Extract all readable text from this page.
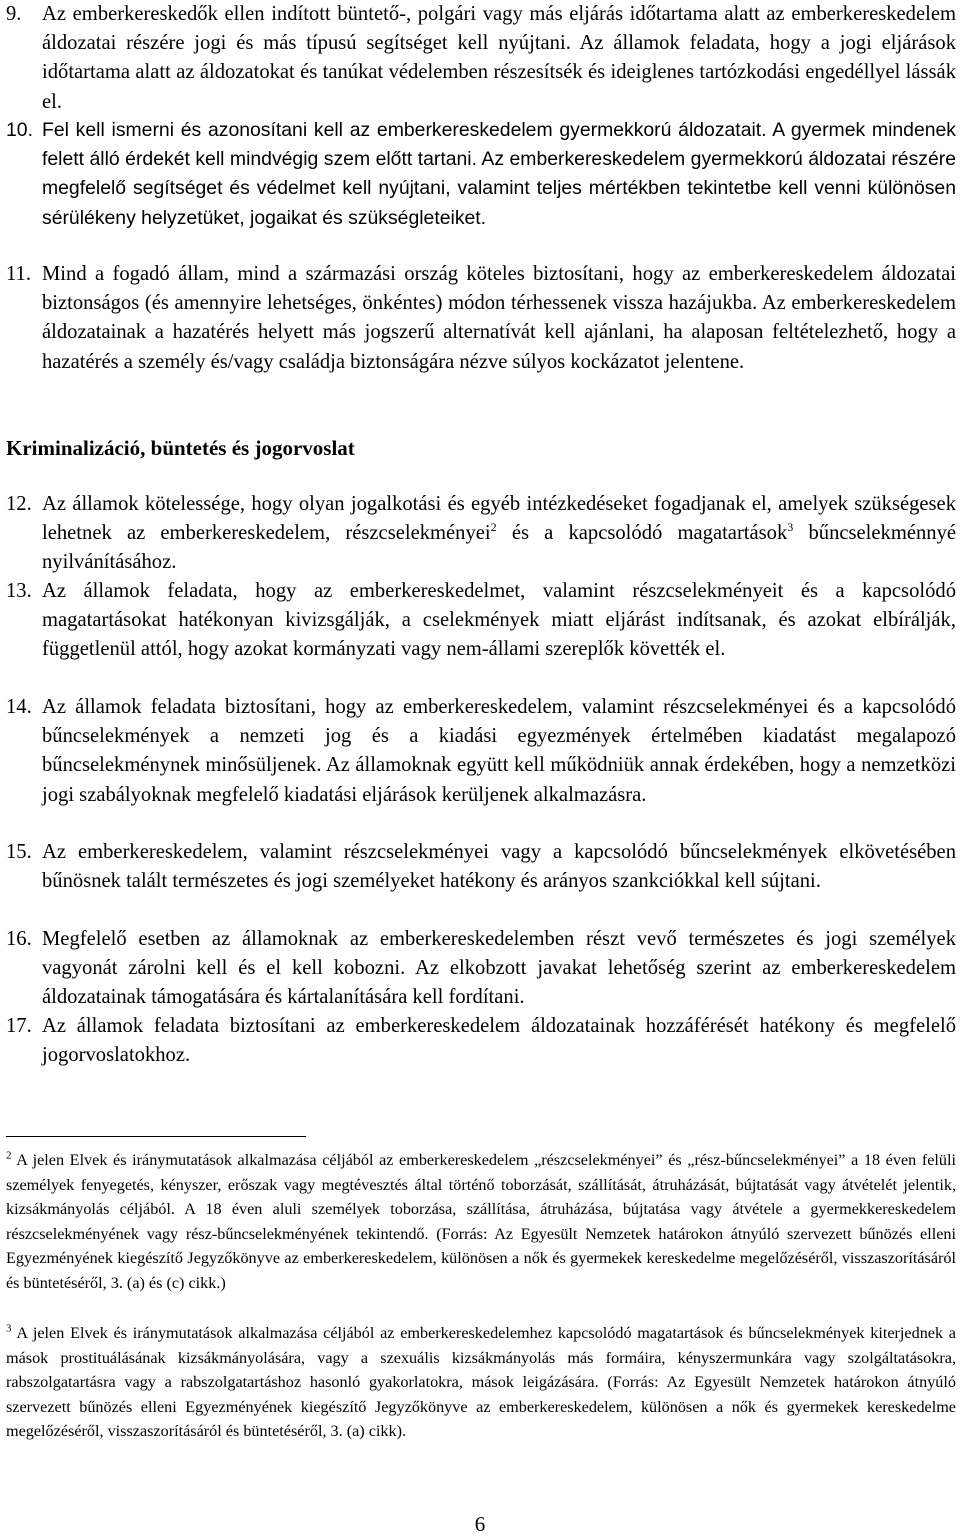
9. Az emberkereskedők ellen indított büntető-, polgári vagy más eljárás időtartama alatt az emberkereskedelem áldozatai részére jogi és más típusú segítséget kell nyújtani. Az államok feladata, hogy a jogi eljárások időtartama alatt az áldozatokat és tanúkat védelemben részesítsék és ideiglenes tartózkodási engedéllyel lássák el.
10. Fel kell ismerni és azonosítani kell az emberkereskedelem gyermekkorú áldozatait. A gyermek mindenek felett álló érdekét kell mindvégig szem előtt tartani. Az emberkereskedelem gyermekkorú áldozatai részére megfelelő segítséget és védelmet kell nyújtani, valamint teljes mértékben tekintetbe kell venni különösen sérülékeny helyzetüket, jogaikat és szükségleteiket.
11. Mind a fogadó állam, mind a származási ország köteles biztosítani, hogy az emberkereskedelem áldozatai biztonságos (és amennyire lehetséges, önkéntes) módon térhessenek vissza hazájukba. Az emberkereskedelem áldozatainak a hazatérés helyett más jogszerű alternatívát kell ajánlani, ha alaposan feltételezhető, hogy a hazatérés a személy és/vagy családja biztonságára nézve súlyos kockázatot jelentene.
Kriminalizáció, büntetés és jogorvoslat
12. Az államok kötelessége, hogy olyan jogalkotási és egyéb intézkedéseket fogadjanak el, amelyek szükségesek lehetnek az emberkereskedelem, részcselekményei$^2$ és a kapcsolódó magatartások$^3$ bűncselekménnyé nyilvánításához.
13. Az államok feladata, hogy az emberkereskedelmet, valamint részcselekményeit és a kapcsolódó magatartásokat hatékonyan kivizsgálják, a cselekmények miatt eljárást indítsanak, és azokat elbírálják, függetlenül attól, hogy azokat kormányzati vagy nem-állami szereplők követték el.
14. Az államok feladata biztosítani, hogy az emberkereskedelem, valamint részcselekményei és a kapcsolódó bűncselekmények a nemzeti jog és a kiadási egyezmények értelmében kiadatást megalapozó bűncselekménynek minősüljenek. Az államoknak együtt kell működniük annak érdekében, hogy a nemzetközi jogi szabályoknak megfelelő kiadatási eljárások kerüljenek alkalmazásra.
15. Az emberkereskedelem, valamint részcselekményei vagy a kapcsolódó bűncselekmények elkövetésében bűnösnek talált természetes és jogi személyeket hatékony és arányos szankciókkal kell sújtani.
16. Megfelelő esetben az államoknak az emberkereskedelemben részt vevő természetes és jogi személyek vagyonát zárolni kell és el kell kobozni. Az elkobzott javakat lehetőség szerint az emberkereskedelem áldozatainak támogatására és kártalanítására kell fordítani.
17. Az államok feladata biztosítani az emberkereskedelem áldozatainak hozzáférését hatékony és megfelelő jogorvoslatokhoz.

$^2$ A jelen Elvek és iránymutatások alkalmazása céljából az emberkereskedelem „részcselekményei” és „rész-bűncselekményei” a 18 éven felüli személyek fenyegetés, kényszer, erőszak vagy megtévesztés által történő toborzását, szállítását, átruházását, bújtatását vagy átvételét jelentik, kizsákmányolás céljából. A 18 éven aluli személyek toborzása, szállítása, átruházása, bújtatása vagy átvétele a gyermekkereskedelem részcselekményének vagy rész-bűncselekményének tekintendő. (Forrás: Az Egyesült Nemzetek határokon átnyúló szervezett bűnözés elleni Egyezményének kiegészítő Jegyzőkönyve az emberkereskedelem, különösen a nők és gyermekek kereskedelme megelőzéséről, visszaszorításáról és büntetéséről, 3. (a) és (c) cikk.)

$^3$ A jelen Elvek és iránymutatások alkalmazása céljából az emberkereskedelemhez kapcsolódó magatartások és bűncselekmények kiterjednek a mások prostituálásának kizsákmányolására, vagy a szexuális kizsákmányolás más formáira, kényszermunkára vagy szolgáltatásokra, rabszolgatartásra vagy a rabszolgatartáshoz hasonló gyakorlatokra, mások leigázására. (Forrás: Az Egyesült Nemzetek határokon átnyúló szervezett bűnözés elleni Egyezményének kiegészítő Jegyzőkönyve az emberkereskedelem, különösen a nők és gyermekek kereskedelme megelőzéséről, visszaszorításáról és büntetéséről, 3. (a) cikk).

6
